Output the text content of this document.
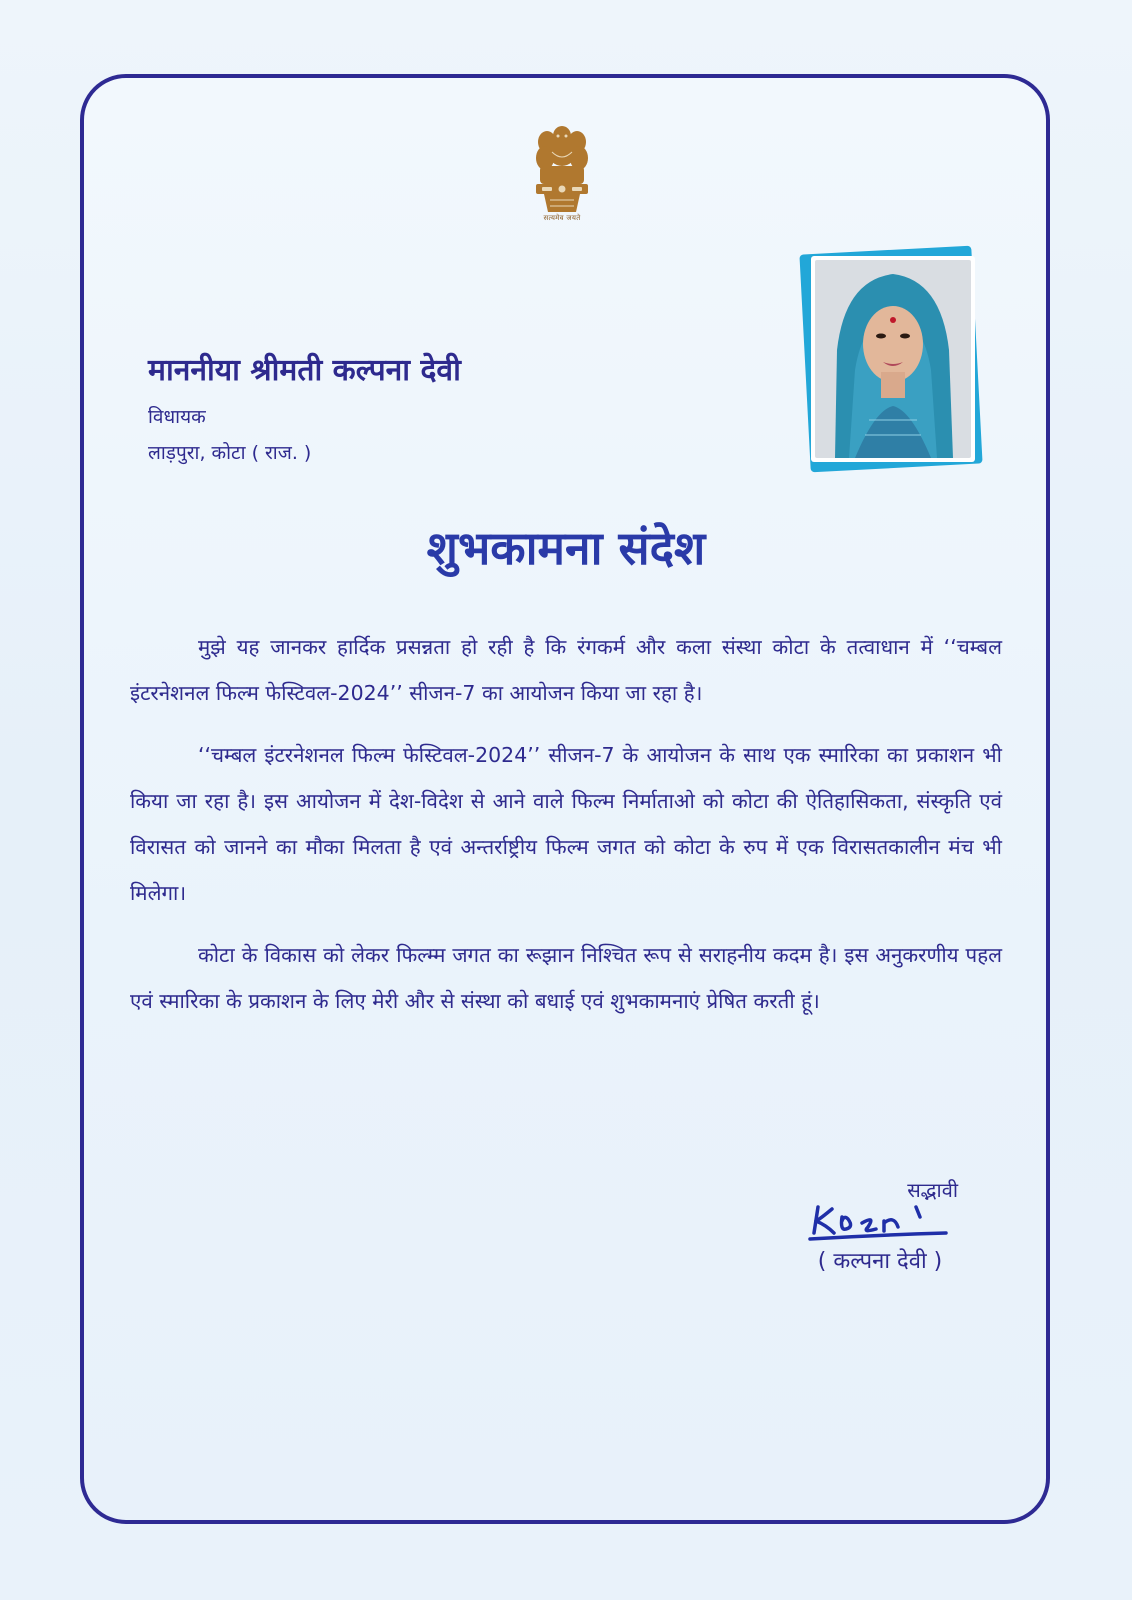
सत्यमेव जयते

माननीया श्रीमती कल्पना देवी

विधायक

लाड़पुरा, कोटा ( राज. )

शुभकामना संदेश

मुझे यह जानकर हार्दिक प्रसन्नता हो रही है कि रंगकर्म और कला संस्था कोटा के तत्वाधान में ‘‘चम्बल इंटरनेशनल फिल्म फेस्टिवल-2024’’ सीजन-7 का आयोजन किया जा रहा है।

‘‘चम्बल इंटरनेशनल फिल्म फेस्टिवल-2024’’ सीजन-7 के आयोजन के साथ एक स्मारिका का प्रकाशन भी किया जा रहा है। इस आयोजन में देश-विदेश से आने वाले फिल्म निर्माताओ को कोटा की ऐतिहासिकता, संस्कृति एवं विरासत को जानने का मौका मिलता है एवं अन्तर्राष्ट्रीय फिल्म जगत को कोटा के रुप में एक विरासतकालीन मंच भी मिलेगा।

कोटा के विकास को लेकर फिल्म्म जगत का रूझान निश्चित रूप से सराहनीय कदम है। इस अनुकरणीय पहल एवं स्मारिका के प्रकाशन के लिए मेरी और से संस्था को बधाई एवं शुभकामनाएं प्रेषित करती हूं।

सद्भावी

( कल्पना देवी )
